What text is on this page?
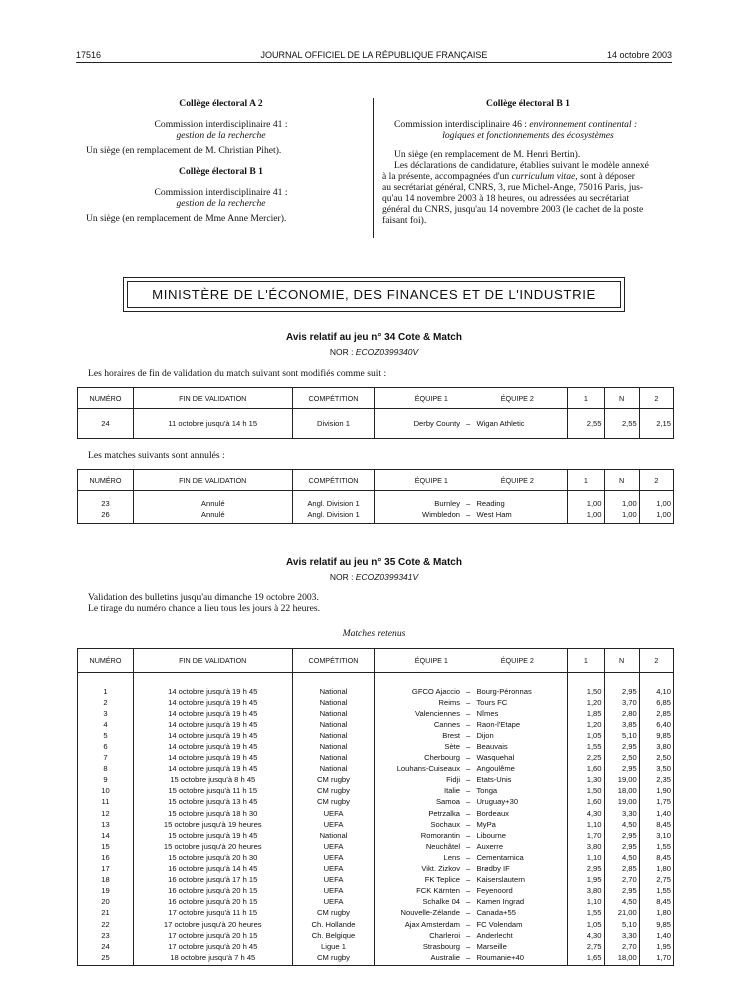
17516	JOURNAL OFFICIEL DE LA RÉPUBLIQUE FRANÇAISE	14 octobre 2003

Collège électoral A 2

Commission interdisciplinaire 41 :

gestion de la recherche

Un siège (en remplacement de M. Christian Pihet).

Collège électoral B 1

Commission interdisciplinaire 41 :

gestion de la recherche

Un siège (en remplacement de Mme Anne Mercier).

Collège électoral B 1

Commission interdisciplinaire 46 : environnement continental :

logiques et fonctionnements des écosystèmes

Un siège (en remplacement de M. Henri Bertin).

Les déclarations de candidature, établies suivant le modèle annexé

à la présente, accompagnées d'un curriculum vitae, sont à déposer

au secrétariat général, CNRS, 3, rue Michel-Ange, 75016 Paris, jus-

qu'au 14 novembre 2003 à 18 heures, ou adressées au secrétariat

général du CNRS, jusqu'au 14 novembre 2003 (le cachet de la poste

faisant foi).

MINISTÈRE DE L'ÉCONOMIE, DES FINANCES ET DE L'INDUSTRIE
Avis relatif au jeu n° 34 Cote & Match
NOR : ECOZ0399340V
Les horaires de fin de validation du match suivant sont modifiés comme suit :
NUMÉRO	FIN DE VALIDATION	COMPÉTITION	ÉQUIPE 1 ÉQUIPE 2				1	N	2

24	11 octobre jusqu'à 14 h 15	Division 1	Derby County	–	Wigan Athletic		2,55	2,55	2,15

Les matches suivants sont annulés :
NUMÉRO	FIN DE VALIDATION	COMPÉTITION	ÉQUIPE 1 ÉQUIPE 2				1	N	2

23	Annulé	Angl. Division 1	Burnley	–	Reading		1,00	1,00	1,00
26	Annulé	Angl. Division 1	Wimbledon	–	West Ham		1,00	1,00	1,00

Avis relatif au jeu n° 35 Cote & Match
NOR : ECOZ0399341V
Validation des bulletins jusqu'au dimanche 19 octobre 2003.
Le tirage du numéro chance a lieu tous les jours à 22 heures.
Matches retenus
NUMÉRO	FIN DE VALIDATION	COMPÉTITION	ÉQUIPE 1 ÉQUIPE 2				1	N	2

1	14 octobre jusqu'à 19 h 45	National	GFCO Ajaccio	–	Bourg-Péronnas		1,50	2,95	4,10
2	14 octobre jusqu'à 19 h 45	National	Reims	–	Tours FC		1,20	3,70	6,85
3	14 octobre jusqu'à 19 h 45	National	Valenciennes	–	Nîmes		1,85	2,80	2,85
4	14 octobre jusqu'à 19 h 45	National	Cannes	–	Raon-l'Etape		1,20	3,85	6,40
5	14 octobre jusqu'à 19 h 45	National	Brest	–	Dijon		1,05	5,10	9,85
6	14 octobre jusqu'à 19 h 45	National	Sète	–	Beauvais		1,55	2,95	3,80
7	14 octobre jusqu'à 19 h 45	National	Cherbourg	–	Wasquehal		2,25	2,50	2,50
8	14 octobre jusqu'à 19 h 45	National	Louhans-Cuiseaux	–	Angoulême		1,60	2,95	3,50
9	15 octobre jusqu'à 8 h 45	CM rugby	Fidji	–	Etats-Unis		1,30	19,00	2,35
10	15 octobre jusqu'à 11 h 15	CM rugby	Italie	–	Tonga		1,50	18,00	1,90
11	15 octobre jusqu'à 13 h 45	CM rugby	Samoa	–	Uruguay+30		1,60	19,00	1,75
12	15 octobre jusqu'à 18 h 30	UEFA	Petrzalka	–	Bordeaux		4,30	3,30	1,40
13	15 octobre jusqu'à 19 heures	UEFA	Sochaux	–	MyPa		1,10	4,50	8,45
14	15 octobre jusqu'à 19 h 45	National	Romorantin	–	Libourne		1,70	2,95	3,10
15	15 octobre jusqu'à 20 heures	UEFA	Neuchâtel	–	Auxerre		3,80	2,95	1,55
16	15 octobre jusqu'à 20 h 30	UEFA	Lens	–	Cementarnica		1,10	4,50	8,45
17	16 octobre jusqu'à 14 h 45	UEFA	Vikt. Zizkov	–	Brødby IF		2,95	2,85	1,80
18	16 octobre jusqu'à 17 h 15	UEFA	FK Teplice	–	Kaiserslautern		1,95	2,70	2,75
19	16 octobre jusqu'à 20 h 15	UEFA	FCK Kärnten	–	Feyenoord		3,80	2,95	1,55
20	16 octobre jusqu'à 20 h 15	UEFA	Schalke 04	–	Kamen Ingrad		1,10	4,50	8,45
21	17 octobre jusqu'à 11 h 15	CM rugby	Nouvelle-Zélande	–	Canada+55		1,55	21,00	1,80
22	17 octobre jusqu'à 20 heures	Ch. Hollande	Ajax Amsterdam	–	FC Volendam		1,05	5,10	9,85
23	17 octobre jusqu'à 20 h 15	Ch. Belgique	Charleroi	–	Anderlecht		4,30	3,30	1,40
24	17 octobre jusqu'à 20 h 45	Ligue 1	Strasbourg	–	Marseille		2,75	2,70	1,95
25	18 octobre jusqu'à 7 h 45	CM rugby	Australie	–	Roumanie+40		1,65	18,00	1,70
